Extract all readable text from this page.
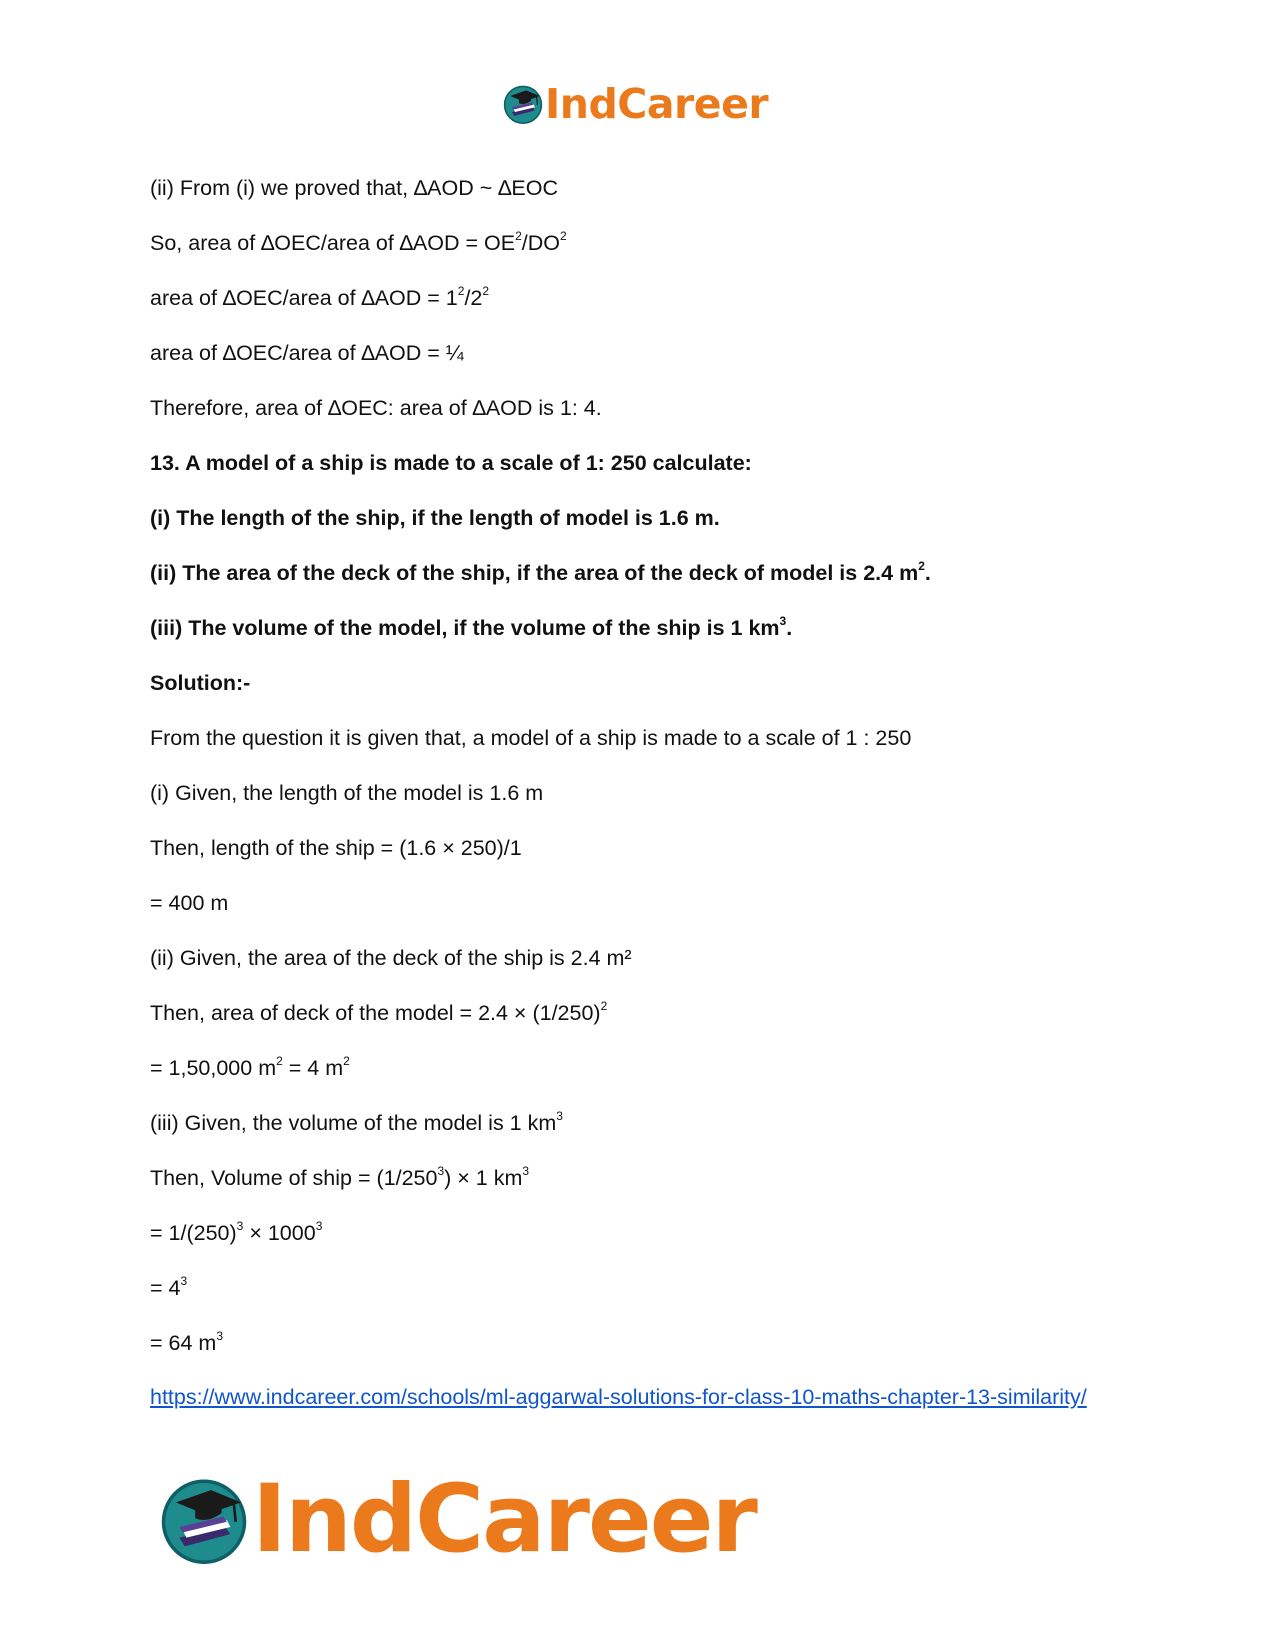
IndCareer
(ii) From (i) we proved that, ∆AOD ~ ∆EOC
So, area of ∆OEC/area of $\Delta AOD = OE^2/DO^2$
area of ∆OEC/area of $\Delta AOD = 1^2/2^2$
area of ∆OEC/area of ∆AOD = ¼
Therefore, area of ∆OEC: area of ∆AOD is 1: 4.
13. A model of a ship is made to a scale of 1: 250 calculate:
(i) The length of the ship, if the length of model is 1.6 m.
(ii) The area of the deck of the ship, if the area of the deck of model is 2.4 $m^2$.
(iii) The volume of the model, if the volume of the ship is 1 $km^3$.
Solution:-
From the question it is given that, a model of a ship is made to a scale of 1 : 250
(i) Given, the length of the model is 1.6 m
Then, length of the ship = (1.6 × 250)/1
= 400 m
(ii) Given, the area of the deck of the ship is 2.4 m²
Then, area of deck of the model = $2.4 \times (1/250)^2$
= 1,50,000 $m^2 = 4$ $m^2$
(iii) Given, the volume of the model is 1 $km^3$
Then, Volume of ship = $(1/250^3) \times 1$ $km^3$
= $1/(250)^3 \times 1000^3$
= $4^3$
= 64 $m^3$
https://www.indcareer.com/schools/ml-aggarwal-solutions-for-class-10-maths-chapter-13-similarity/
IndCareer
